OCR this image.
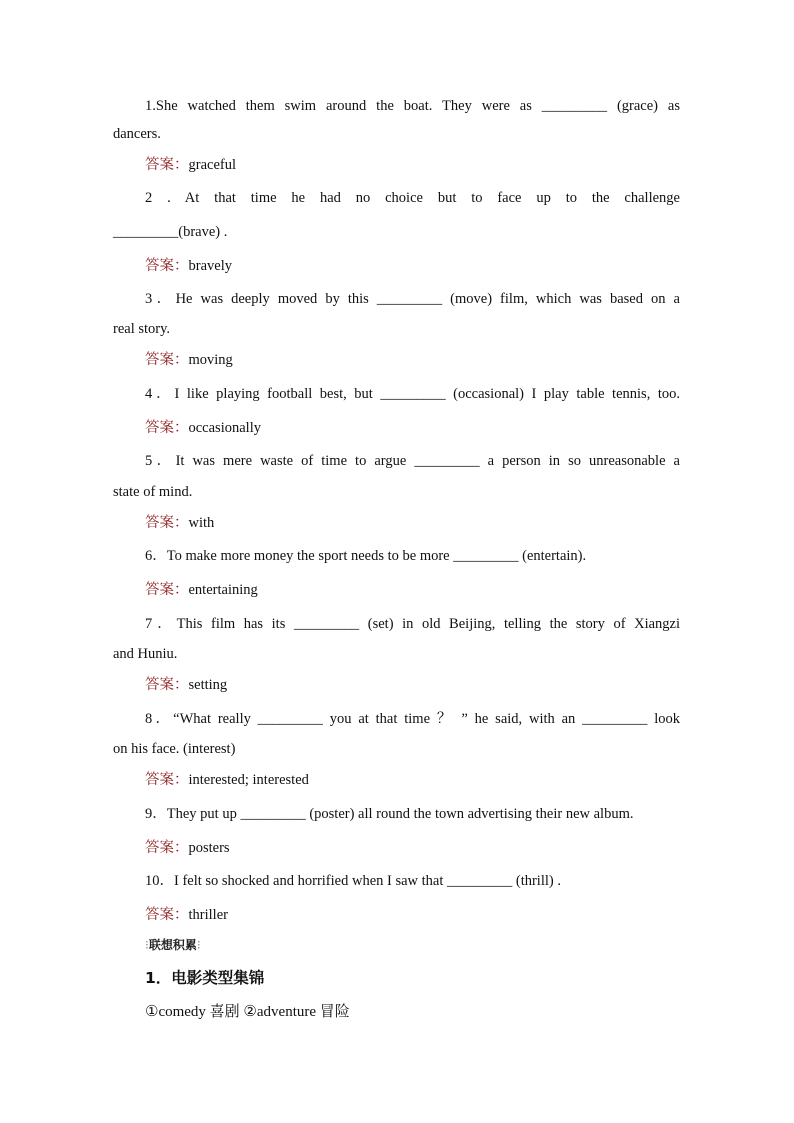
1.She watched them swim around the boat. They were as _________ (grace) as
dancers.
答案：graceful
2 . At that time he had no choice but to face up to the challenge
_________(brave) .
答案：bravely
3．He was deeply moved by this _________ (move) film, which was based on a
real story.
答案：moving
4．I like playing football best, but _________ (occasional) I play table tennis, too.
答案：occasionally
5．It was mere waste of time to argue _________ a person in so unreasonable a
state of mind.
答案：with
6．To make more money the sport needs to be more _________ (entertain).
答案：entertaining
7．This film has its _________ (set) in old Beijing, telling the story of Xiangzi
and Huniu.
答案：setting
8．“What really _________ you at that time ？ ” he said, with an _________ look
on his face. (interest)
答案：interested; interested
9．They put up _________ (poster) all round the town advertising their new album.
答案：posters
10．I felt so shocked and horrified when I saw that _________ (thrill) .
答案：thriller
⁝联想积累⁝
1．电影类型集锦
①comedy 喜剧 ②adventure 冒险
